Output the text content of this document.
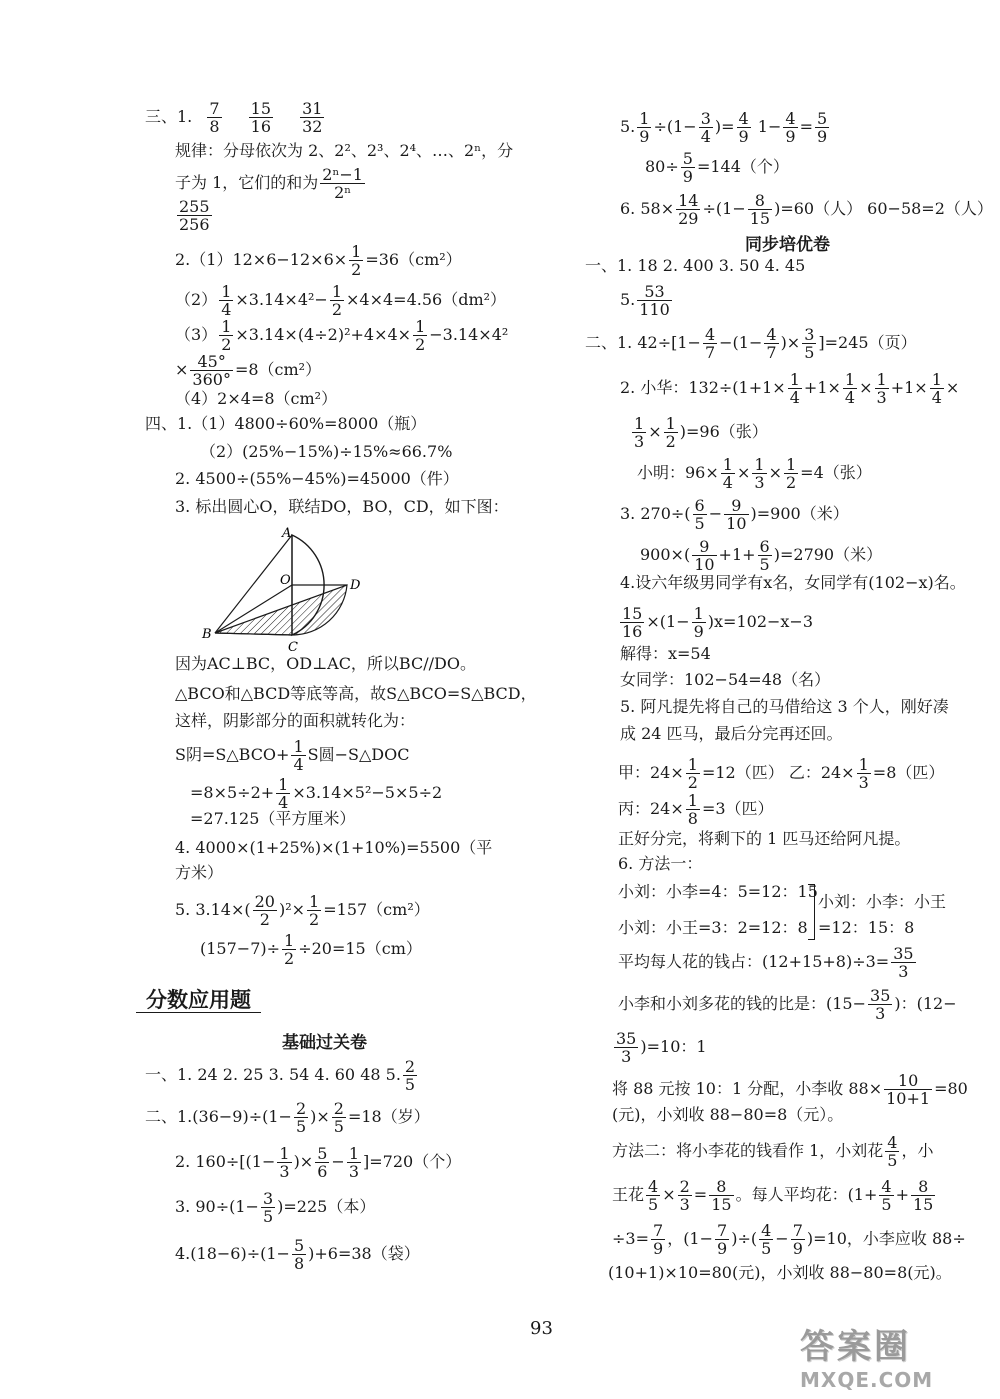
三、1. $\frac{7}{8}$
$\frac{15}{16}$
$\frac{31}{32}$
规律：分母依次为 2、2²、2³、2⁴、…、2ⁿ，分
子为 1，它们的和为 $\frac{\text{2ⁿ−1}}{\text{2ⁿ}}$
$\frac{255}{256}$
$2.(1)12\times 6-12\times 6\times \frac{1}{2} =36(cm^2)$
$(2) \frac{1}{4} \times 3.14\times 4^2- \frac{1}{2} \times 4\times 4=4.56(dm^2)$
$(3) \frac{1}{2} \times 3.14\times(4\div 2)^2+4\times 4\times \frac{1}{2} -3.14\times 4^2$
× $\frac{45^\circ}{360^\circ} =8(cm^2)$
（4）2×4=8（cm²）
四、1.（1）4800÷60%=8000（瓶）
（2）(25%−15%)÷15%≈66.7%
2. 4500÷(55%−45%)=45000（件）
3. 标出圆心O，联结DO，BO，CD，如下图：
A
O	D
B
C
因为AC⊥BC，OD⊥AC，所以BC//DO。
△BCO和△BCD等底等高，故S△BCO=S△BCD，
这样，阴影部分的面积就转化为：
S阴=S△BCO+ $\frac{1}{4}$ S圆−S△DOC
$=8\times 5\div 2+ \frac{1}{4} \times 3.14\times 5^2-5\times 5\div 2$
=27.125（平方厘米）
4. 4000×(1+25%)×(1+10%)=5500（平
方米）
5. $3.14\times( \frac{20}{2} )^2\times \frac{1}{2} =157(cm^2)$
$(157-7)\div \frac{1}{2} \div 20=15(cm)$
分数应用题
基础过关卷
一、1. 24 2. 25 3. 54 4. 60 48 5. $\frac{2}{5}$
二、$1.(36-9)\div(1- \frac{2}{5}$ )× $\frac{2}{5} =18$（岁）
2. $160\div[(1- \frac{1}{3}$ )× $\frac{5}{6} - \frac{1}{3} ]=720$（个）
3. $90\div(1- \frac{3}{5} )=225$（本）
$4.(18-6)\div(1- \frac{5}{8} )+6=38$（袋）
5. $\frac{1}{9} \div(1- \frac{3}{4}$ )= $\frac{4}{9} 1- \frac{4}{9} = \frac{5}{9}$
$80\div \frac{5}{9} =144$（个）
6. $58\times \frac{14}{29} \div(1- \frac{8}{15} )=60$（人） 60−58=2（人）
同步培优卷
一、1. 18 2. 400 3. 50 4. 45
5. $\frac{53}{110}$
二、1. $42\div[1- \frac{4}{7} -(1- \frac{4}{7}$ )× $\frac{3}{5} ]=245$（页）
2. 小华：$132\div(1+1\times \frac{1}{4} +1\times \frac{1}{4} \times \frac{1}{3} +1\times \frac{1}{4}$ ×
$\frac{1}{3} \times \frac{1}{2} )=96$（张）
小明：$96\times \frac{1}{4} \times \frac{1}{3} \times \frac{1}{2} =4$（张）
3. $270\div( \frac{6}{5} - \frac{9}{10} )=900$（米）
$900\times( \frac{9}{10} +1+ \frac{6}{5} )=2790$（米）
4.设六年级男同学有x名，女同学有(102−x)名。
$\frac{15}{16} \times(1- \frac{1}{9} )x=102-x-3$
解得：x=54
女同学：102−54=48（名）
5. 阿凡提先将自己的马借给这 3 个人，刚好凑
成 24 匹马，最后分完再还回。
甲：$24\times \frac{1}{2} =12$（匹） 乙：$24\times \frac{1}{3} =8$（匹）
丙：$24\times \frac{1}{8} =3$（匹）
正好分完，将剩下的 1 匹马还给阿凡提。
6. 方法一：
小刘：小李=4：5=12：15
小刘：小王=3：2=12：8
小刘：小李：小王
=12：15：8
平均每人花的钱占：$(12+15+8)\div 3= \frac{35}{3}$
小李和小刘多花的钱的比是：($15- \frac{35}{3}$ )：(12−
$\frac{35}{3} )=10$：1
将 88 元按 10：1 分配，小李收 $88\times \frac{10}{10+1} =80$
(元)，小刘收 88−80=8（元）。
方法二：将小李花的钱看作 1，小刘花 $\frac{4}{5}$ ，小
王花 $\frac{4}{5} \times \frac{2}{3} = \frac{8}{15}$ 。每人平均花：($1+ \frac{4}{5} + \frac{8}{15}$
$\div 3= \frac{7}{9}$ ，($1- \frac{7}{9}$ )÷( $\frac{4}{5} - \frac{7}{9} )=10$，小李应收 88÷
(10+1)×10=80(元)，小刘收 88−80=8(元)。
93	答案圈
MXQE.COM
